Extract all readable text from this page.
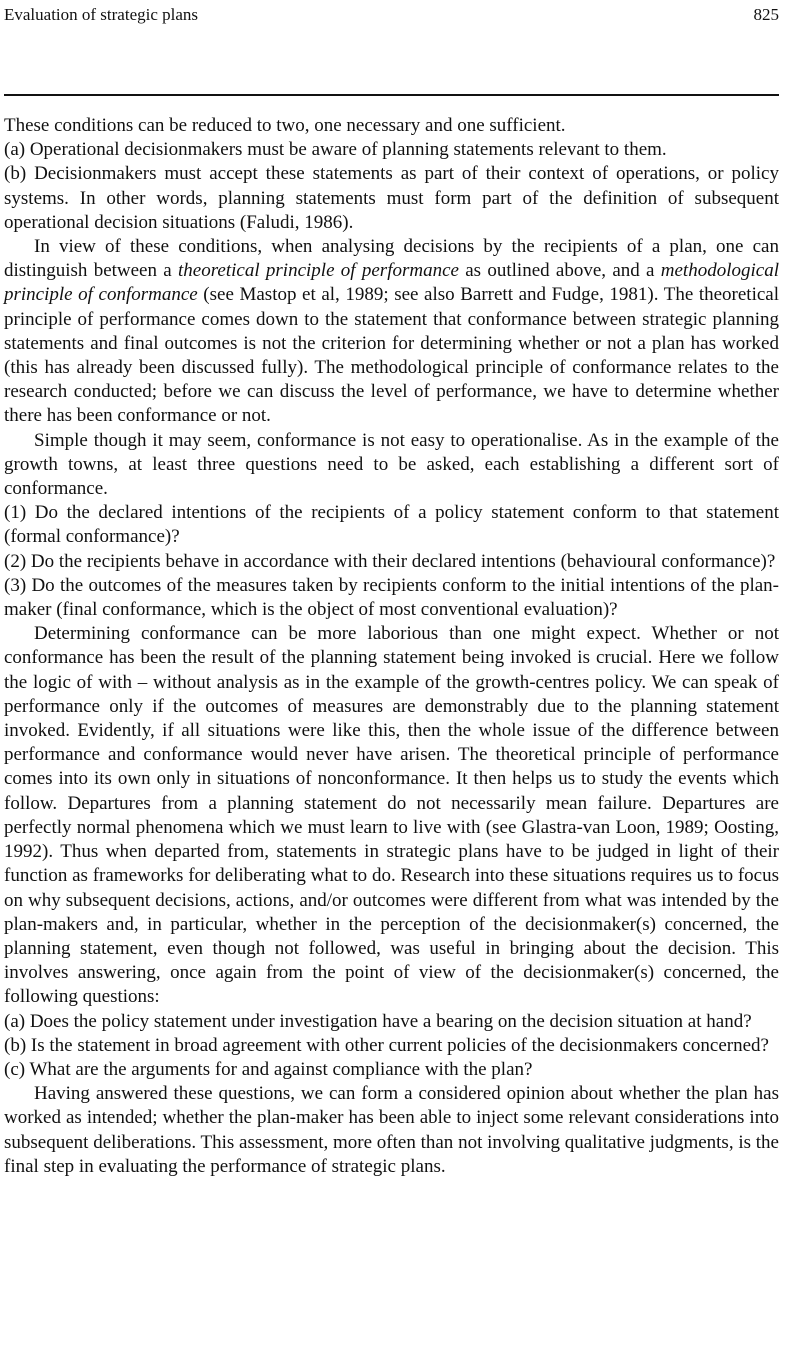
Evaluation of strategic plans	825

These conditions can be reduced to two, one necessary and one sufficient.

(a) Operational decisionmakers must be aware of planning statements relevant to them.

(b) Decisionmakers must accept these statements as part of their context of operations, or policy systems. In other words, planning statements must form part of the definition of subsequent operational decision situations (Faludi, 1986).

In view of these conditions, when analysing decisions by the recipients of a plan, one can distinguish between a theoretical principle of performance as outlined above, and a methodological principle of conformance (see Mastop et al, 1989; see also Barrett and Fudge, 1981). The theoretical principle of performance comes down to the statement that conformance between strategic planning statements and final outcomes is not the criterion for determining whether or not a plan has worked (this has already been discussed fully). The methodological principle of conformance relates to the research conducted; before we can discuss the level of performance, we have to determine whether there has been conformance or not.

Simple though it may seem, conformance is not easy to operationalise. As in the example of the growth towns, at least three questions need to be asked, each establishing a different sort of conformance.

(1) Do the declared intentions of the recipients of a policy statement conform to that statement (formal conformance)?

(2) Do the recipients behave in accordance with their declared intentions (behavioural conformance)?

(3) Do the outcomes of the measures taken by recipients conform to the initial intentions of the plan-maker (final conformance, which is the object of most conventional evaluation)?

Determining conformance can be more laborious than one might expect. Whether or not conformance has been the result of the planning statement being invoked is crucial. Here we follow the logic of with – without analysis as in the example of the growth-centres policy. We can speak of performance only if the outcomes of measures are demonstrably due to the planning statement invoked. Evidently, if all situations were like this, then the whole issue of the difference between performance and conformance would never have arisen. The theoretical principle of performance comes into its own only in situations of nonconformance. It then helps us to study the events which follow. Departures from a planning statement do not necessarily mean failure. Departures are perfectly normal phenomena which we must learn to live with (see Glastra-van Loon, 1989; Oosting, 1992). Thus when departed from, statements in strategic plans have to be judged in light of their function as frameworks for deliberating what to do. Research into these situations requires us to focus on why subsequent decisions, actions, and/or outcomes were different from what was intended by the plan-makers and, in particular, whether in the perception of the decisionmaker(s) concerned, the planning statement, even though not followed, was useful in bringing about the decision. This involves answering, once again from the point of view of the decisionmaker(s) concerned, the following questions:

(a) Does the policy statement under investigation have a bearing on the decision situation at hand?

(b) Is the statement in broad agreement with other current policies of the decisionmakers concerned?

(c) What are the arguments for and against compliance with the plan?

Having answered these questions, we can form a considered opinion about whether the plan has worked as intended; whether the plan-maker has been able to inject some relevant considerations into subsequent deliberations. This assessment, more often than not involving qualitative judgments, is the final step in evaluating the performance of strategic plans.
